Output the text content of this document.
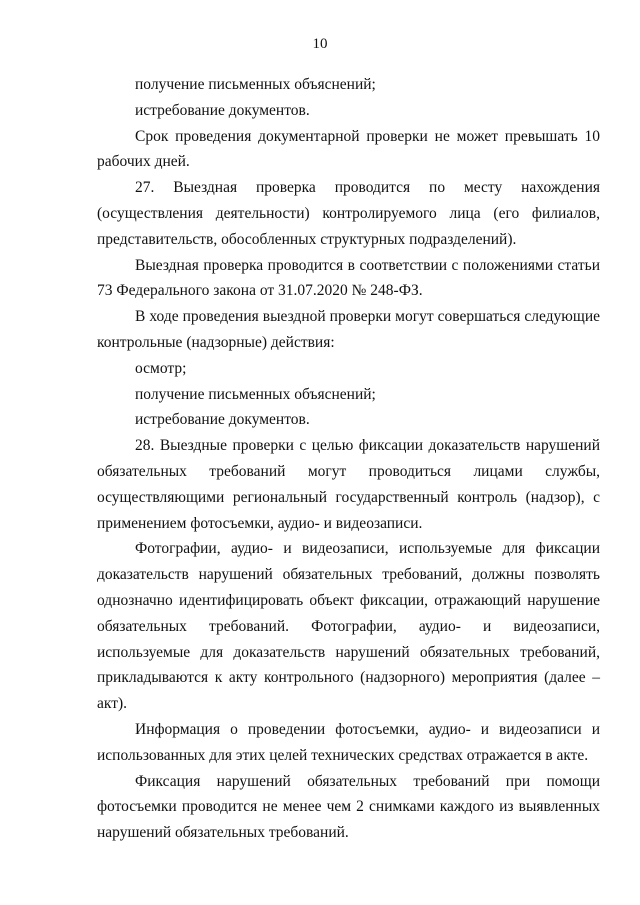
10

получение письменных объяснений;

истребование документов.

Срок проведения документарной проверки не может превышать 10 рабочих дней.

27. Выездная проверка проводится по месту нахождения (осуществления деятельности) контролируемого лица (его филиалов, представительств, обособленных структурных подразделений).

Выездная проверка проводится в соответствии с положениями статьи 73 Федерального закона от 31.07.2020 № 248-ФЗ.

В ходе проведения выездной проверки могут совершаться следующие контрольные (надзорные) действия:

осмотр;

получение письменных объяснений;

истребование документов.

28. Выездные проверки с целью фиксации доказательств нарушений обязательных требований могут проводиться лицами службы, осуществляющими региональный государственный контроль (надзор), с применением фотосъемки, аудио- и видеозаписи.

Фотографии, аудио- и видеозаписи, используемые для фиксации доказательств нарушений обязательных требований, должны позволять однозначно идентифицировать объект фиксации, отражающий нарушение обязательных требований. Фотографии, аудио- и видеозаписи, используемые для доказательств нарушений обязательных требований, прикладываются к акту контрольного (надзорного) мероприятия (далее – акт).

Информация о проведении фотосъемки, аудио- и видеозаписи и использованных для этих целей технических средствах отражается в акте.

Фиксация нарушений обязательных требований при помощи фотосъемки проводится не менее чем 2 снимками каждого из выявленных нарушений обязательных требований.
